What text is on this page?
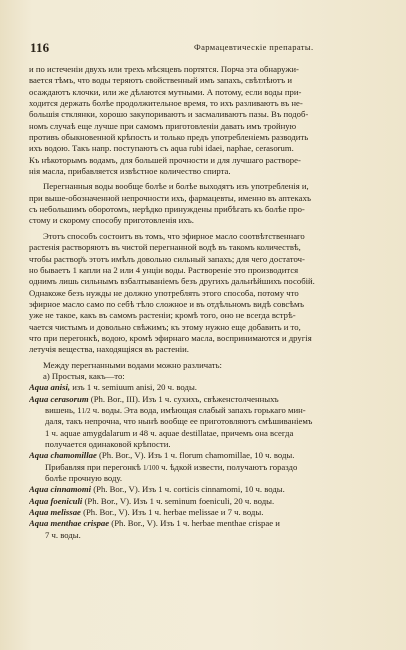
116	Фармацевтическiе препараты.
и по истеченiи двухъ или трехъ мѣсяцевъ портятся. Порча эта обнаружи-
вается тѣмъ, что воды теряютъ свойственный имъ запахъ, свѣтлѣютъ и
осаждаютъ клочки, или же дѣлаются мутными. А потому, если воды при-
ходится держать болѣе продолжительное время, то ихъ разливаютъ въ не-
большiя стклянки, хорошо закупориваютъ и засмаливаютъ пазы. Въ подоб-
номъ случаѣ еще лучше при самомъ приготовленiи давать имъ тройную
противъ обыкновенной крѣпость и только предъ употребленiемъ разводить
ихъ водою. Такъ напр. поступаютъ съ aqua rubi idaei, naphae, cerasorum.
Къ нѣкоторымъ водамъ, для большей прочности и для лучшаго растворе-
нiя масла, прибавляется извѣстное количество спирта.
Перегнанныя воды вообще болѣе и болѣе выходятъ изъ употребленiя и,
при выше-обозначенной непрочности ихъ, фармацевты, именно въ аптекахъ
съ небольшимъ оборотомъ, нерѣдко принуждены прибѣгать къ болѣе про-
стому и скорому способу приготовленiя ихъ.
Этотъ способъ состоитъ въ томъ, что эфирное масло соотвѣтственнаго
растенiя растворяютъ въ чистой перегнанной водѣ въ такомъ количествѣ,
чтобы раствор̆ъ этотъ имѣлъ довольно сильный запахъ; для чего достаточ-
но бываетъ 1 капли на 2 или 4 унцiи воды. Раствоpенiе это производится
однимъ лишь сильнымъ взбалтыванiемъ безъ другихъ дальнѣйшихъ пособiй.
Однакоже безъ нужды не должно употреблять этого способа, потому что
эфирное масло само по себѣ тѣло сложное и въ отдѣльномъ видѣ совсѣмъ
уже не такое, какъ въ самомъ растенiи; кромѣ того, оно не всегда встрѣ-
чается чистымъ и довольно свѣжимъ; къ этому нужно еще добавить и то,
что при перегонкѣ, водою, кромѣ эфирнаго масла, воспринимаются и другiя
летучiя вещества, находящiяся въ растенiи.
Между перегнанными водами можно различать:
a) Простыя, какъ—то:
Aqua anisi, изъ 1 ч. semiuum anisi, 20 ч. воды.
Aqua cerasorum (Ph. Bor., III). Изъ 1 ч. сухихъ, свѣженстолченныхъ
вишень, 11/2 ч. воды. Эта вода, имѣющая слабый запахъ горькаго мин-
даля, такъ непрочна, что нынѣ вообще ее приготовляютъ смѣшиванiемъ
1 ч. aquae amygdalarum и 48 ч. aquae destillatae, причемъ она всегда
получается одинаковой крѣпости.
Aqua chamomillae (Ph. Bor., V). Изъ 1 ч. florum chamomillae, 10 ч. воды.
Прибавляя при перегонкѣ 1/100 ч. ѣдкой извести, получаютъ гораздо
болѣе прочную воду.
Aqua cinnamomi (Ph. Bor., V). Изъ 1 ч. corticis cinnamomi, 10 ч. воды.
Aqua foeniculi (Ph. Bor., V). Изъ 1 ч. seminum foeniculi, 20 ч. воды.
Aqua melissae (Ph. Bor., V). Изъ 1 ч. herbae melissae и 7 ч. воды.
Aqua menthae crispae (Ph. Bor., V). Изъ 1 ч. herbae menthae crispae и
7 ч. воды.
